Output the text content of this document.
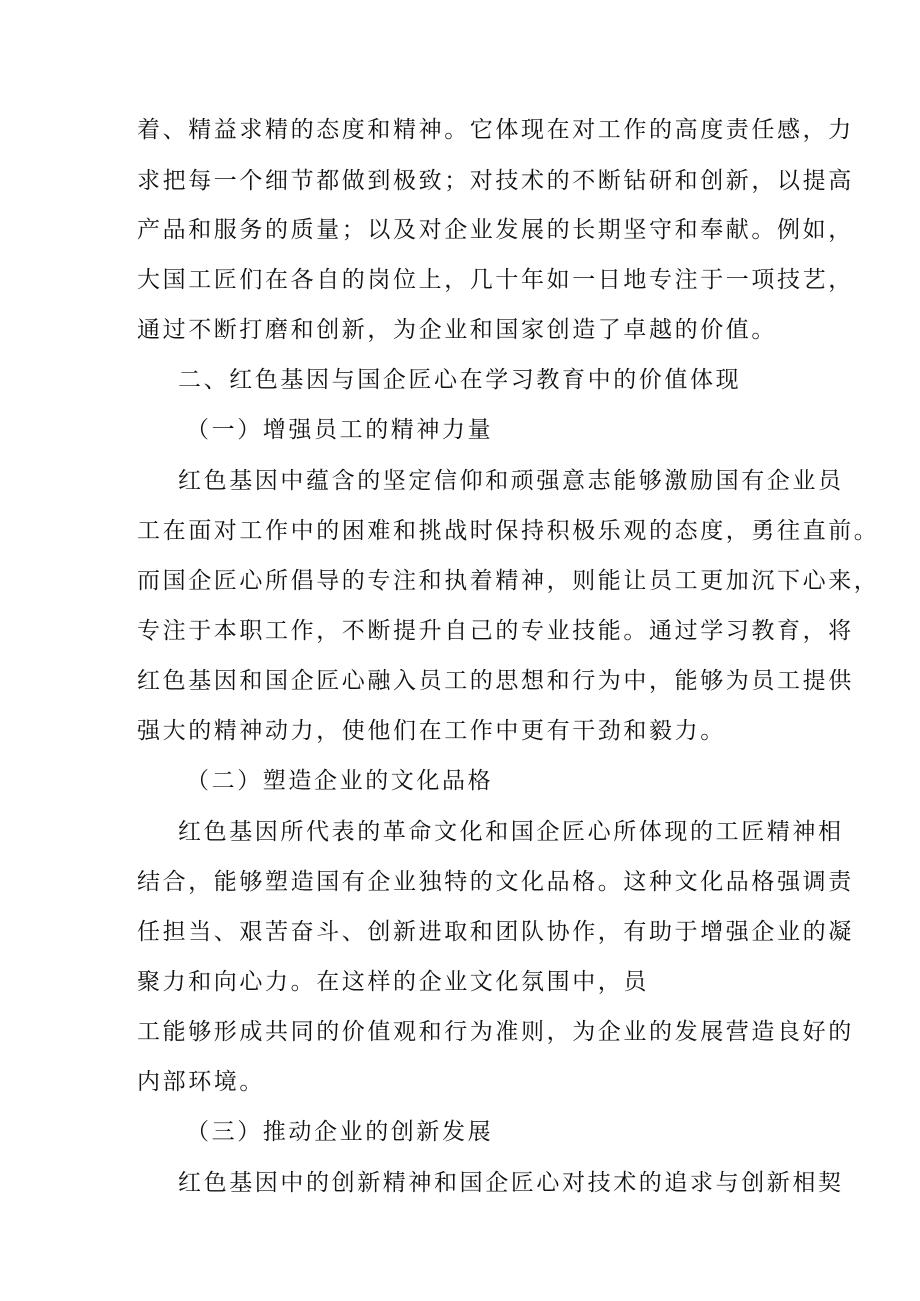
着、精益求精的态度和精神。它体现在对工作的高度责任感，力
求把每一个细节都做到极致；对技术的不断钻研和创新，以提高
产品和服务的质量；以及对企业发展的长期坚守和奉献。例如，
大国工匠们在各自的岗位上，几十年如一日地专注于一项技艺，
通过不断打磨和创新，为企业和国家创造了卓越的价值。
二、红色基因与国企匠心在学习教育中的价值体现
（一）增强员工的精神力量
红色基因中蕴含的坚定信仰和顽强意志能够激励国有企业员
工在面对工作中的困难和挑战时保持积极乐观的态度，勇往直前。
而国企匠心所倡导的专注和执着精神，则能让员工更加沉下心来，
专注于本职工作，不断提升自己的专业技能。通过学习教育，将
红色基因和国企匠心融入员工的思想和行为中，能够为员工提供
强大的精神动力，使他们在工作中更有干劲和毅力。
（二）塑造企业的文化品格
红色基因所代表的革命文化和国企匠心所体现的工匠精神相
结合，能够塑造国有企业独特的文化品格。这种文化品格强调责
任担当、艰苦奋斗、创新进取和团队协作，有助于增强企业的凝
聚力和向心力。在这样的企业文化氛围中，员
工能够形成共同的价值观和行为准则，为企业的发展营造良好的
内部环境。
（三）推动企业的创新发展
红色基因中的创新精神和国企匠心对技术的追求与创新相契
